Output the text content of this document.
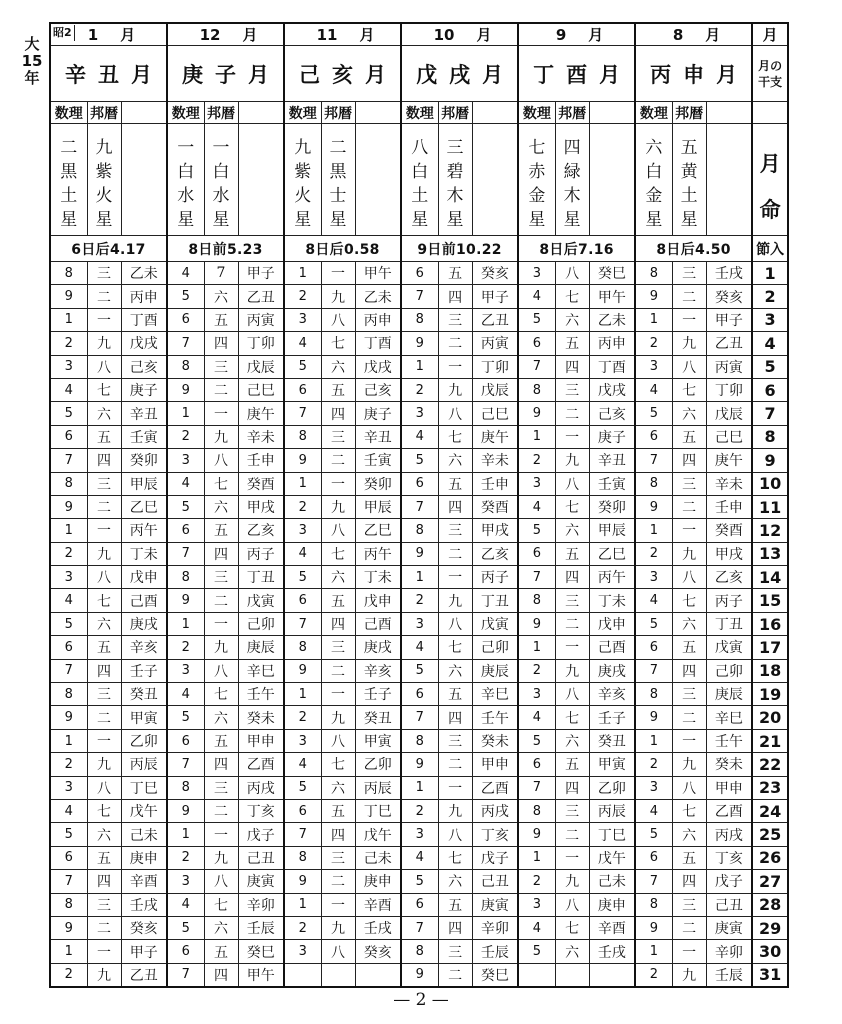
大
15
年
昭2 1 月			12 月			11 月			10 月			9 月			8 月			月
辛丑月			庚子月			己亥月			戊戌月			丁酉月			丙申月			月の干支
数理	邦暦		数理	邦暦		数理	邦暦		数理	邦暦		数理	邦暦		数理	邦暦		
二黒土星	九紫火星		一白水星	一白水星		九紫火星	二黒士星		八白土星	三碧木星		七赤金星	四緑木星		六白金星	五黄土星		月命
6日后4.17			8日前5.23			8日后0.58			9日前10.22			8日后7.16			8日后4.50			節入
8	三	乙未	4	7	甲子	1	一	甲午	6	五	癸亥	3	八	癸巳	8	三	壬戌	1
9	二	丙申	5	六	乙丑	2	九	乙未	7	四	甲子	4	七	甲午	9	二	癸亥	2
1	一	丁酉	6	五	丙寅	3	八	丙申	8	三	乙丑	5	六	乙未	1	一	甲子	3
2	九	戊戌	7	四	丁卯	4	七	丁酉	9	二	丙寅	6	五	丙申	2	九	乙丑	4
3	八	己亥	8	三	戊辰	5	六	戊戌	1	一	丁卯	7	四	丁酉	3	八	丙寅	5
4	七	庚子	9	二	己巳	6	五	己亥	2	九	戊辰	8	三	戊戌	4	七	丁卯	6
5	六	辛丑	1	一	庚午	7	四	庚子	3	八	己巳	9	二	己亥	5	六	戊辰	7
6	五	壬寅	2	九	辛未	8	三	辛丑	4	七	庚午	1	一	庚子	6	五	己巳	8
7	四	癸卯	3	八	壬申	9	二	壬寅	5	六	辛未	2	九	辛丑	7	四	庚午	9
8	三	甲辰	4	七	癸酉	1	一	癸卯	6	五	壬申	3	八	壬寅	8	三	辛未	10
9	二	乙巳	5	六	甲戌	2	九	甲辰	7	四	癸酉	4	七	癸卯	9	二	壬申	11
1	一	丙午	6	五	乙亥	3	八	乙巳	8	三	甲戌	5	六	甲辰	1	一	癸酉	12
2	九	丁未	7	四	丙子	4	七	丙午	9	二	乙亥	6	五	乙巳	2	九	甲戌	13
3	八	戊申	8	三	丁丑	5	六	丁未	1	一	丙子	7	四	丙午	3	八	乙亥	14
4	七	己酉	9	二	戊寅	6	五	戊申	2	九	丁丑	8	三	丁未	4	七	丙子	15
5	六	庚戌	1	一	己卯	7	四	己酉	3	八	戊寅	9	二	戊申	5	六	丁丑	16
6	五	辛亥	2	九	庚辰	8	三	庚戌	4	七	己卯	1	一	己酉	6	五	戊寅	17
7	四	壬子	3	八	辛巳	9	二	辛亥	5	六	庚辰	2	九	庚戌	7	四	己卯	18
8	三	癸丑	4	七	壬午	1	一	壬子	6	五	辛巳	3	八	辛亥	8	三	庚辰	19
9	二	甲寅	5	六	癸未	2	九	癸丑	7	四	壬午	4	七	壬子	9	二	辛巳	20
1	一	乙卯	6	五	甲申	3	八	甲寅	8	三	癸未	5	六	癸丑	1	一	壬午	21
2	九	丙辰	7	四	乙酉	4	七	乙卯	9	二	甲申	6	五	甲寅	2	九	癸未	22
3	八	丁巳	8	三	丙戌	5	六	丙辰	1	一	乙酉	7	四	乙卯	3	八	甲申	23
4	七	戊午	9	二	丁亥	6	五	丁巳	2	九	丙戌	8	三	丙辰	4	七	乙酉	24
5	六	己未	1	一	戊子	7	四	戊午	3	八	丁亥	9	二	丁巳	5	六	丙戌	25
6	五	庚申	2	九	己丑	8	三	己未	4	七	戊子	1	一	戊午	6	五	丁亥	26
7	四	辛酉	3	八	庚寅	9	二	庚申	5	六	己丑	2	九	己未	7	四	戊子	27
8	三	壬戌	4	七	辛卯	1	一	辛酉	6	五	庚寅	3	八	庚申	8	三	己丑	28
9	二	癸亥	5	六	壬辰	2	九	壬戌	7	四	辛卯	4	七	辛酉	9	二	庚寅	29
1	一	甲子	6	五	癸巳	3	八	癸亥	8	三	壬辰	5	六	壬戌	1	一	辛卯	30
2	九	乙丑	7	四	甲午				9	二	癸巳				2	九	壬辰	31
— 2 —
